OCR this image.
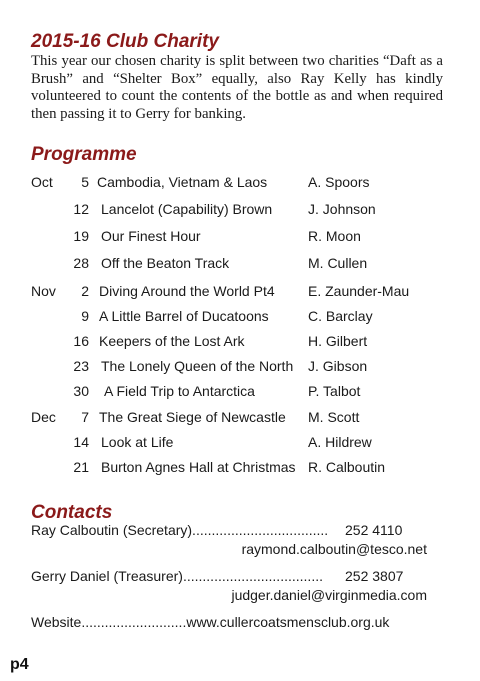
2015-16 Club Charity

This year our chosen charity is split between two charities “Daft as a Brush” and “Shelter Box” equally, also Ray Kelly has kindly volunteered to count the contents of the bottle as and when required then passing it to Gerry for banking.

Programme
Oct	5 Cambodia, Vietnam & Laos	A. Spoors
12 Lancelot (Capability) Brown	J. Johnson
19 Our Finest Hour	R. Moon
28 Off the Beaton Track	M. Cullen
Nov	2 Diving Around the World Pt4 E. Zaunder-Mau
9 A Little Barrel of Ducatoons	C. Barclay
16 Keepers of the Lost Ark	H. Gilbert
23 The Lonely Queen of the North J. Gibson
30 A Field Trip to Antarctica	P. Talbot
Dec	7 The Great Siege of Newcastle M. Scott
14 Look at Life	A. Hildrew
21 Burton Agnes Hall at Christmas R. Calboutin
Contacts
Ray Calboutin (Secretary)................................... 252 4110
raymond.calboutin@tesco.net
Gerry Daniel (Treasurer).................................... 252 3807
judger.daniel@virginmedia.com
Website...........................www.cullercoatsmensclub.org.uk
p4
